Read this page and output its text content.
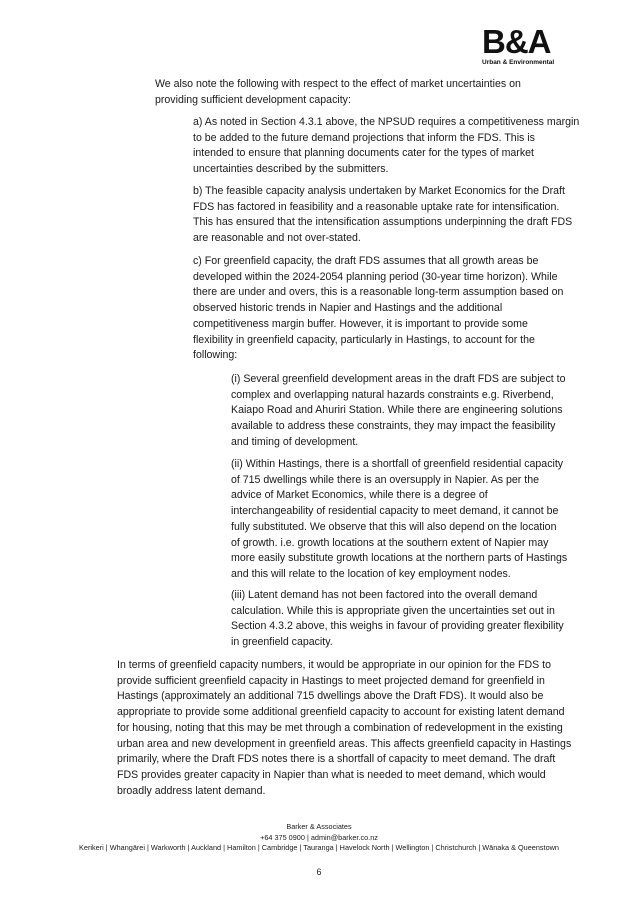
B&A
Urban & Environmental
We also note the following with respect to the effect of market uncertainties on
providing sufficient development capacity:
a) As noted in Section 4.3.1 above, the NPSUD requires a competitiveness margin
to be added to the future demand projections that inform the FDS. This is
intended to ensure that planning documents cater for the types of market
uncertainties described by the submitters.
b) The feasible capacity analysis undertaken by Market Economics for the Draft
FDS has factored in feasibility and a reasonable uptake rate for intensification.
This has ensured that the intensification assumptions underpinning the draft FDS
are reasonable and not over-stated.
c) For greenfield capacity, the draft FDS assumes that all growth areas be
developed within the 2024-2054 planning period (30-year time horizon). While
there are under and overs, this is a reasonable long-term assumption based on
observed historic trends in Napier and Hastings and the additional
competitiveness margin buffer. However, it is important to provide some
flexibility in greenfield capacity, particularly in Hastings, to account for the
following:
(i) Several greenfield development areas in the draft FDS are subject to
complex and overlapping natural hazards constraints e.g. Riverbend,
Kaiapo Road and Ahuriri Station. While there are engineering solutions
available to address these constraints, they may impact the feasibility
and timing of development.
(ii) Within Hastings, there is a shortfall of greenfield residential capacity
of 715 dwellings while there is an oversupply in Napier. As per the
advice of Market Economics, while there is a degree of
interchangeability of residential capacity to meet demand, it cannot be
fully substituted. We observe that this will also depend on the location
of growth. i.e. growth locations at the southern extent of Napier may
more easily substitute growth locations at the northern parts of Hastings
and this will relate to the location of key employment nodes.
(iii) Latent demand has not been factored into the overall demand
calculation. While this is appropriate given the uncertainties set out in
Section 4.3.2 above, this weighs in favour of providing greater flexibility
in greenfield capacity.
In terms of greenfield capacity numbers, it would be appropriate in our opinion for the FDS to
provide sufficient greenfield capacity in Hastings to meet projected demand for greenfield in
Hastings (approximately an additional 715 dwellings above the Draft FDS). It would also be
appropriate to provide some additional greenfield capacity to account for existing latent demand
for housing, noting that this may be met through a combination of redevelopment in the existing
urban area and new development in greenfield areas. This affects greenfield capacity in Hastings
primarily, where the Draft FDS notes there is a shortfall of capacity to meet demand. The draft
FDS provides greater capacity in Napier than what is needed to meet demand, which would
broadly address latent demand.
Barker & Associates
+64 375 0900 | admin@barker.co.nz
Kerikeri | Whangārei | Warkworth | Auckland | Hamilton | Cambridge | Tauranga | Havelock North | Wellington | Christchurch | Wānaka & Queenstown
6
